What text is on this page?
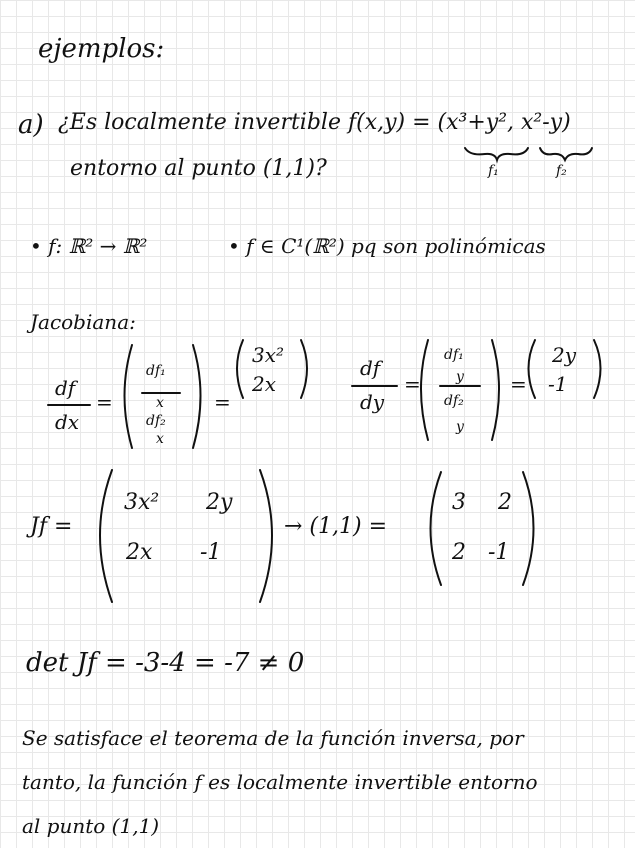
ejemplos:
a) ¿Es localmente invertible f(x,y) = (x³+y², x²-y)
entorno al punto (1,1)?	f₁	f₂
• f: ℝ² → ℝ²	• f ∈ C¹(ℝ²) pq son polinómicas
Jacobiana:
df
dx
=
df₁
x
df₂
x
=
3x²
2x
df
dy
=
df₁
y
df₂
y
=
2y
-1
Jf =
3x² 2y
2x -1
→ (1,1) =
3 2
2 -1
det Jf = -3-4 = -7 ≠ 0
Se satisface el teorema de la función inversa, por
tanto, la función f es localmente invertible entorno
al punto (1,1)
